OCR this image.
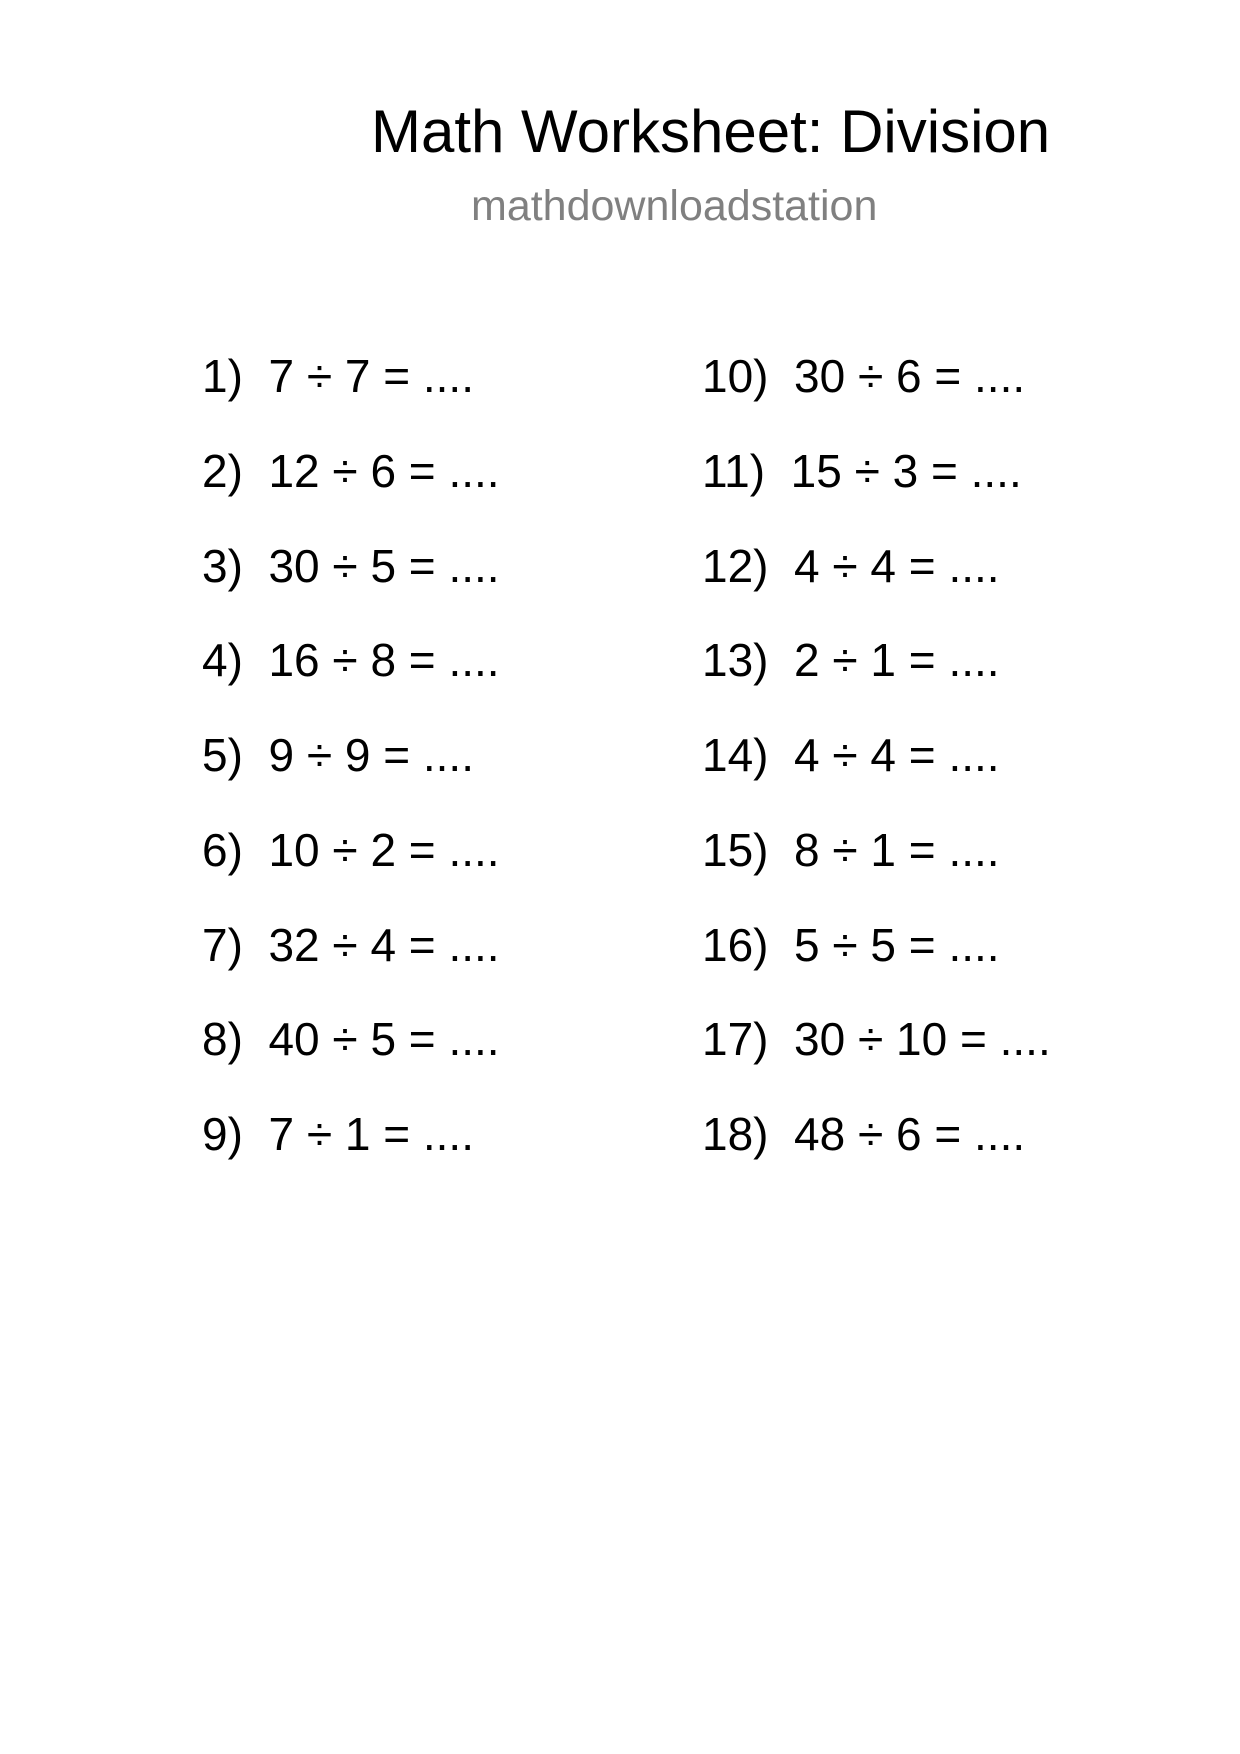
Math Worksheet: Division
mathdownloadstation
1)  7 ÷ 7 = ....
2)  12 ÷ 6 = ....
3)  30 ÷ 5 = ....
4)  16 ÷ 8 = ....
5)  9 ÷ 9 = ....
6)  10 ÷ 2 = ....
7)  32 ÷ 4 = ....
8)  40 ÷ 5 = ....
9)  7 ÷ 1 = ....
10)  30 ÷ 6 = ....
11)  15 ÷ 3 = ....
12)  4 ÷ 4 = ....
13)  2 ÷ 1 = ....
14)  4 ÷ 4 = ....
15)  8 ÷ 1 = ....
16)  5 ÷ 5 = ....
17)  30 ÷ 10 = ....
18)  48 ÷ 6 = ....
